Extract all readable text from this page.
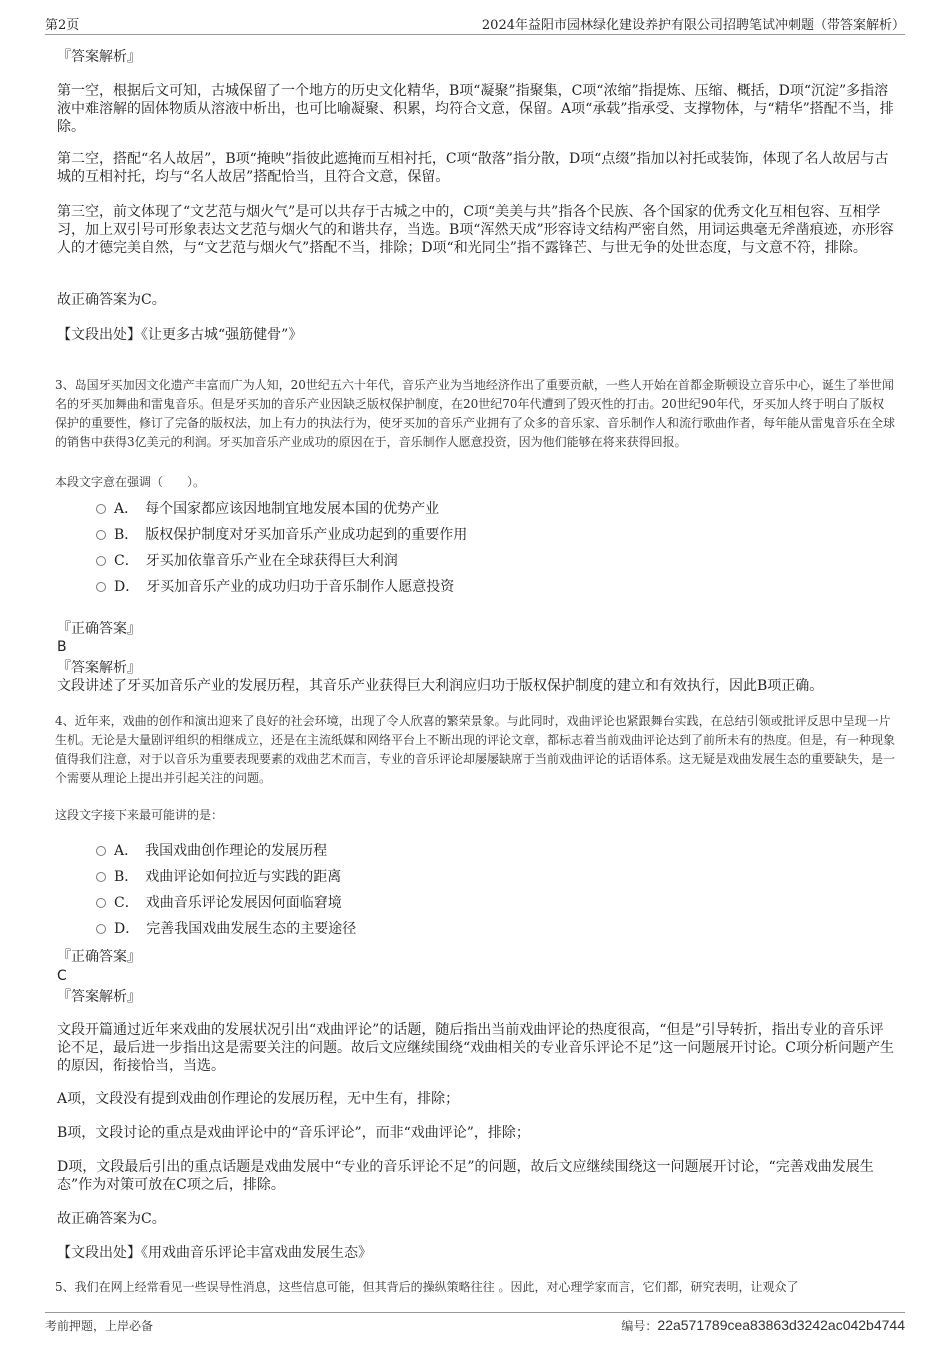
第2页	2024年益阳市园林绿化建设养护有限公司招聘笔试冲刺题（带答案解析）
『答案解析』
第一空，根据后文可知，古城保留了一个地方的历史文化精华，B项“凝聚”指聚集，C项“浓缩”指提炼、压缩、概括，D项“沉淀”多指溶液中难溶解的固体物质从溶液中析出，也可比喻凝聚、积累，均符合文意，保留。A项“承载”指承受、支撑物体，与“精华”搭配不当，排除。
第二空，搭配“名人故居”，B项“掩映”指彼此遮掩而互相衬托，C项“散落”指分散，D项“点缀”指加以衬托或装饰，体现了名人故居与古城的互相衬托，均与“名人故居”搭配恰当，且符合文意，保留。
第三空，前文体现了“文艺范与烟火气”是可以共存于古城之中的，C项“美美与共”指各个民族、各个国家的优秀文化互相包容、互相学习，加上双引号可形象表达文艺范与烟火气的和谐共存，当选。B项“浑然天成”形容诗文结构严密自然，用词运典毫无斧凿痕迹，亦形容人的才德完美自然，与“文艺范与烟火气”搭配不当，排除；D项“和光同尘”指不露锋芒、与世无争的处世态度，与文意不符，排除。
故正确答案为C。
【文段出处】《让更多古城“强筋健骨”》
3、岛国牙买加因文化遗产丰富而广为人知，20世纪五六十年代，音乐产业为当地经济作出了重要贡献，一些人开始在首都金斯顿设立音乐中心，诞生了举世闻名的牙买加舞曲和雷鬼音乐。但是牙买加的音乐产业因缺乏版权保护制度，在20世纪70年代遭到了毁灭性的打击。20世纪90年代，牙买加人终于明白了版权保护的重要性，修订了完备的版权法，加上有力的执法行为，使牙买加的音乐产业拥有了众多的音乐家、音乐制作人和流行歌曲作者，每年能从雷鬼音乐在全球的销售中获得3亿美元的利润。牙买加音乐产业成功的原因在于，音乐制作人愿意投资，因为他们能够在将来获得回报。
本段文字意在强调（　　）。
A．　每个国家都应该因地制宜地发展本国的优势产业
B．　版权保护制度对牙买加音乐产业成功起到的重要作用
C．　牙买加依靠音乐产业在全球获得巨大利润
D．　牙买加音乐产业的成功归功于音乐制作人愿意投资
『正确答案』
B
『答案解析』
文段讲述了牙买加音乐产业的发展历程，其音乐产业获得巨大利润应归功于版权保护制度的建立和有效执行，因此B项正确。
4、近年来，戏曲的创作和演出迎来了良好的社会环境，出现了令人欣喜的繁荣景象。与此同时，戏曲评论也紧跟舞台实践，在总结引领或批评反思中呈现一片生机。无论是大量剧评组织的相继成立，还是在主流纸媒和网络平台上不断出现的评论文章，都标志着当前戏曲评论达到了前所未有的热度。但是，有一种现象值得我们注意，对于以音乐为重要表现要素的戏曲艺术而言，专业的音乐评论却屡屡缺席于当前戏曲评论的话语体系。这无疑是戏曲发展生态的重要缺失，是一个需要从理论上提出并引起关注的问题。
这段文字接下来最可能讲的是：
A．　我国戏曲创作理论的发展历程
B．　戏曲评论如何拉近与实践的距离
C．　戏曲音乐评论发展因何面临窘境
D．　完善我国戏曲发展生态的主要途径
『正确答案』
C
『答案解析』
文段开篇通过近年来戏曲的发展状况引出“戏曲评论”的话题，随后指出当前戏曲评论的热度很高，“但是”引导转折，指出专业的音乐评论不足，最后进一步指出这是需要关注的问题。故后文应继续围绕“戏曲相关的专业音乐评论不足”这一问题展开讨论。C项分析问题产生的原因，衔接恰当，当选。
A项，文段没有提到戏曲创作理论的发展历程，无中生有，排除；
B项，文段讨论的重点是戏曲评论中的“音乐评论”，而非“戏曲评论”，排除；
D项，文段最后引出的重点话题是戏曲发展中“专业的音乐评论不足”的问题，故后文应继续围绕这一问题展开讨论，“完善戏曲发展生态”作为对策可放在C项之后，排除。
故正确答案为C。
【文段出处】《用戏曲音乐评论丰富戏曲发展生态》
5、我们在网上经常看见一些误导性消息，这些信息可能，但其背后的操纵策略往往 。因此，对心理学家而言，它们都，研究表明，让观众了
考前押题，上岸必备	编号：22a571789cea83863d3242ac042b4744
